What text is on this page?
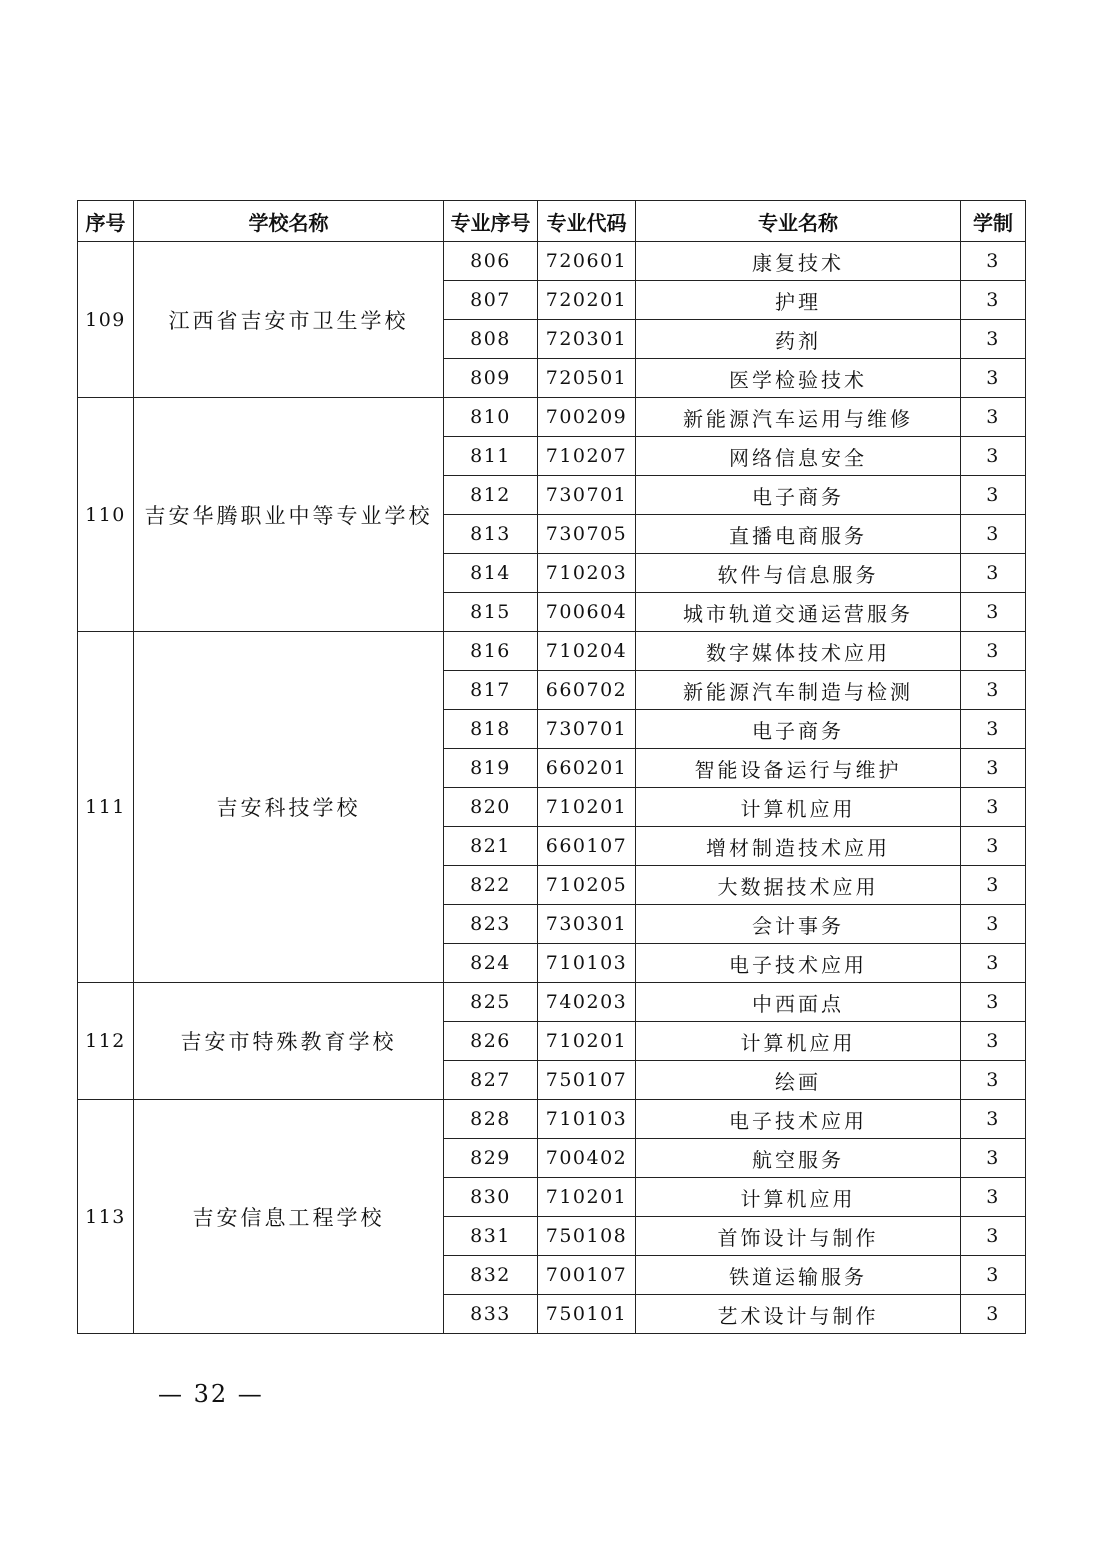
序号	学校名称	专业序号	专业代码	专业名称	学制
109	江西省吉安市卫生学校	806	720601	康复技术	3
		807	720201	护理	3
		808	720301	药剂	3
		809	720501	医学检验技术	3
110	吉安华腾职业中等专业学校	810	700209	新能源汽车运用与维修	3
		811	710207	网络信息安全	3
		812	730701	电子商务	3
		813	730705	直播电商服务	3
		814	710203	软件与信息服务	3
		815	700604	城市轨道交通运营服务	3
111	吉安科技学校	816	710204	数字媒体技术应用	3
		817	660702	新能源汽车制造与检测	3
		818	730701	电子商务	3
		819	660201	智能设备运行与维护	3
		820	710201	计算机应用	3
		821	660107	增材制造技术应用	3
		822	710205	大数据技术应用	3
		823	730301	会计事务	3
		824	710103	电子技术应用	3
112	吉安市特殊教育学校	825	740203	中西面点	3
		826	710201	计算机应用	3
		827	750107	绘画	3
113	吉安信息工程学校	828	710103	电子技术应用	3
		829	700402	航空服务	3
		830	710201	计算机应用	3
		831	750108	首饰设计与制作	3
		832	700107	铁道运输服务	3
		833	750101	艺术设计与制作	3
— 32 —
